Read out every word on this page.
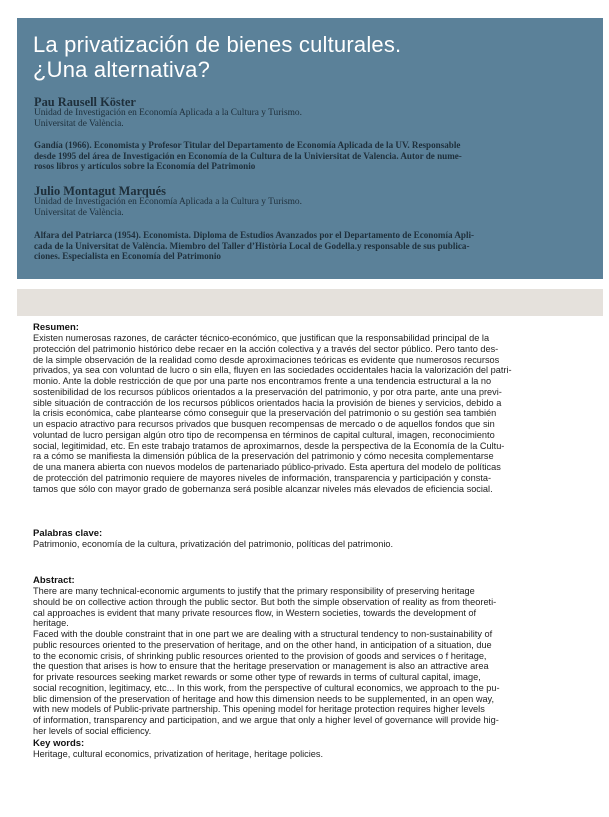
La privatización de bienes culturales.
¿Una alternativa?
Pau Rausell Köster
Unidad de Investigación en Economía Aplicada a la Cultura y Turismo.
Universitat de València.
Gandía (1966). Economista y Profesor Titular del Departamento de Economía Aplicada de la UV. Responsable
desde 1995 del área de Investigación en Economía de la Cultura de la Univiersitat de Valencia. Autor de nume-
rosos libros y artículos sobre la Economía del Patrimonio
Julio Montagut Marqués
Unidad de Investigación en Economía Aplicada a la Cultura y Turismo.
Universitat de València.
Alfara del Patriarca (1954). Economista. Diploma de Estudios Avanzados por el Departamento de Economía Apli-
cada de la Universitat de València. Miembro del Taller d’Història Local de Godella.y responsable de sus publica-
ciones. Especialista en Economía del Patrimonio
Resumen:
Existen numerosas razones, de carácter técnico-económico, que justifican que la responsabilidad principal de la
protección del patrimonio histórico debe recaer en la acción colectiva y a través del sector público. Pero tanto des-
de la simple observación de la realidad como desde aproximaciones teóricas es evidente que numerosos recursos
privados, ya sea con voluntad de lucro o sin ella, fluyen en las sociedades occidentales hacia la valorización del patri-
monio. Ante la doble restricción de que por una parte nos encontramos frente a una tendencia estructural a la no
sostenibilidad de los recursos públicos orientados a la preservación del patrimonio, y por otra parte, ante una previ-
sible situación de contracción de los recursos públicos orientados hacia la provisión de bienes y servicios, debido a
la crisis económica, cabe plantearse cómo conseguir que la preservación del patrimonio o su gestión sea también
un espacio atractivo para recursos privados que busquen recompensas de mercado o de aquellos fondos que sin
voluntad de lucro persigan algún otro tipo de recompensa en términos de capital cultural, imagen, reconocimiento
social, legitimidad, etc. En este trabajo tratamos de aproximarnos, desde la perspectiva de la Economía de la Cultu-
ra a cómo se manifiesta la dimensión pública de la preservación del patrimonio y cómo necesita complementarse
de una manera abierta con nuevos modelos de partenariado público-privado. Esta apertura del modelo de políticas
de protección del patrimonio requiere de mayores niveles de información, transparencia y participación y consta-
tamos que sólo con mayor grado de gobernanza será posible alcanzar niveles más elevados de eficiencia social.
Palabras clave:
Patrimonio, economía de la cultura, privatización del patrimonio, políticas del patrimonio.
Abstract:
There are many technical-economic arguments to justify that the primary responsibility of preserving heritage
should be on collective action through the public sector. But both the simple observation of reality as from theoreti-
cal approaches is evident that many private resources flow, in Western societies, towards the development of
heritage.
Faced with the double constraint that in one part we are dealing with a structural tendency to non-sustainability of
public resources oriented to the preservation of heritage, and on the other hand, in anticipation of a situation, due
to the economic crisis, of shrinking public resources oriented to the provision of goods and services o f heritage,
the question that arises is how to ensure that the heritage preservation or management is also an attractive area
for private resources seeking market rewards or some other type of rewards in terms of cultural capital, image,
social recognition, legitimacy, etc... In this work, from the perspective of cultural economics, we approach to the pu-
blic dimension of the preservation of heritage and how this dimension needs to be supplemented, in an open way,
with new models of Public-private partnership. This opening model for heritage protection requires higher levels
of information, transparency and participation, and we argue that only a higher level of governance will provide hig-
her levels of social efficiency.
Key words:
Heritage, cultural economics, privatization of heritage, heritage policies.
